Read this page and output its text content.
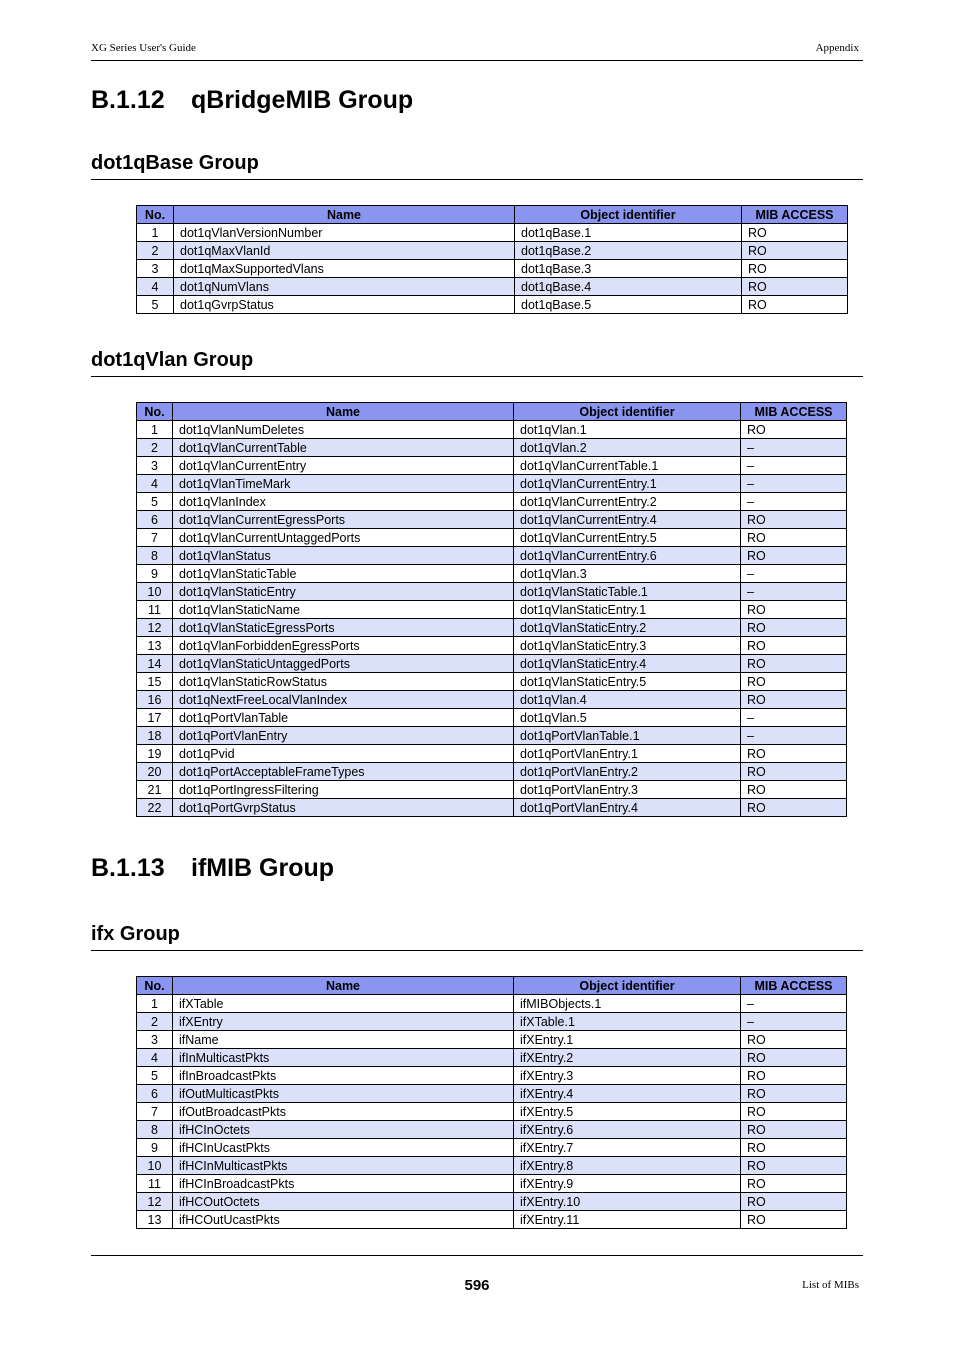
XG Series User's Guide	Appendix
B.1.12 qBridgeMIB Group
dot1qBase Group
No.	Name	Object identifier	MIB ACCESS
1	dot1qVlanVersionNumber	dot1qBase.1	RO
2	dot1qMaxVlanId	dot1qBase.2	RO
3	dot1qMaxSupportedVlans	dot1qBase.3	RO
4	dot1qNumVlans	dot1qBase.4	RO
5	dot1qGvrpStatus	dot1qBase.5	RO
dot1qVlan Group
No.	Name	Object identifier	MIB ACCESS
1	dot1qVlanNumDeletes	dot1qVlan.1	RO
2	dot1qVlanCurrentTable	dot1qVlan.2	–
3	dot1qVlanCurrentEntry	dot1qVlanCurrentTable.1	–
4	dot1qVlanTimeMark	dot1qVlanCurrentEntry.1	–
5	dot1qVlanIndex	dot1qVlanCurrentEntry.2	–
6	dot1qVlanCurrentEgressPorts	dot1qVlanCurrentEntry.4	RO
7	dot1qVlanCurrentUntaggedPorts	dot1qVlanCurrentEntry.5	RO
8	dot1qVlanStatus	dot1qVlanCurrentEntry.6	RO
9	dot1qVlanStaticTable	dot1qVlan.3	–
10	dot1qVlanStaticEntry	dot1qVlanStaticTable.1	–
11	dot1qVlanStaticName	dot1qVlanStaticEntry.1	RO
12	dot1qVlanStaticEgressPorts	dot1qVlanStaticEntry.2	RO
13	dot1qVlanForbiddenEgressPorts	dot1qVlanStaticEntry.3	RO
14	dot1qVlanStaticUntaggedPorts	dot1qVlanStaticEntry.4	RO
15	dot1qVlanStaticRowStatus	dot1qVlanStaticEntry.5	RO
16	dot1qNextFreeLocalVlanIndex	dot1qVlan.4	RO
17	dot1qPortVlanTable	dot1qVlan.5	–
18	dot1qPortVlanEntry	dot1qPortVlanTable.1	–
19	dot1qPvid	dot1qPortVlanEntry.1	RO
20	dot1qPortAcceptableFrameTypes	dot1qPortVlanEntry.2	RO
21	dot1qPortIngressFiltering	dot1qPortVlanEntry.3	RO
22	dot1qPortGvrpStatus	dot1qPortVlanEntry.4	RO
B.1.13 ifMIB Group
ifx Group
No.	Name	Object identifier	MIB ACCESS
1	ifXTable	ifMIBObjects.1	–
2	ifXEntry	ifXTable.1	–
3	ifName	ifXEntry.1	RO
4	ifInMulticastPkts	ifXEntry.2	RO
5	ifInBroadcastPkts	ifXEntry.3	RO
6	ifOutMulticastPkts	ifXEntry.4	RO
7	ifOutBroadcastPkts	ifXEntry.5	RO
8	ifHCInOctets	ifXEntry.6	RO
9	ifHCInUcastPkts	ifXEntry.7	RO
10	ifHCInMulticastPkts	ifXEntry.8	RO
11	ifHCInBroadcastPkts	ifXEntry.9	RO
12	ifHCOutOctets	ifXEntry.10	RO
13	ifHCOutUcastPkts	ifXEntry.11	RO
596	List of MIBs
